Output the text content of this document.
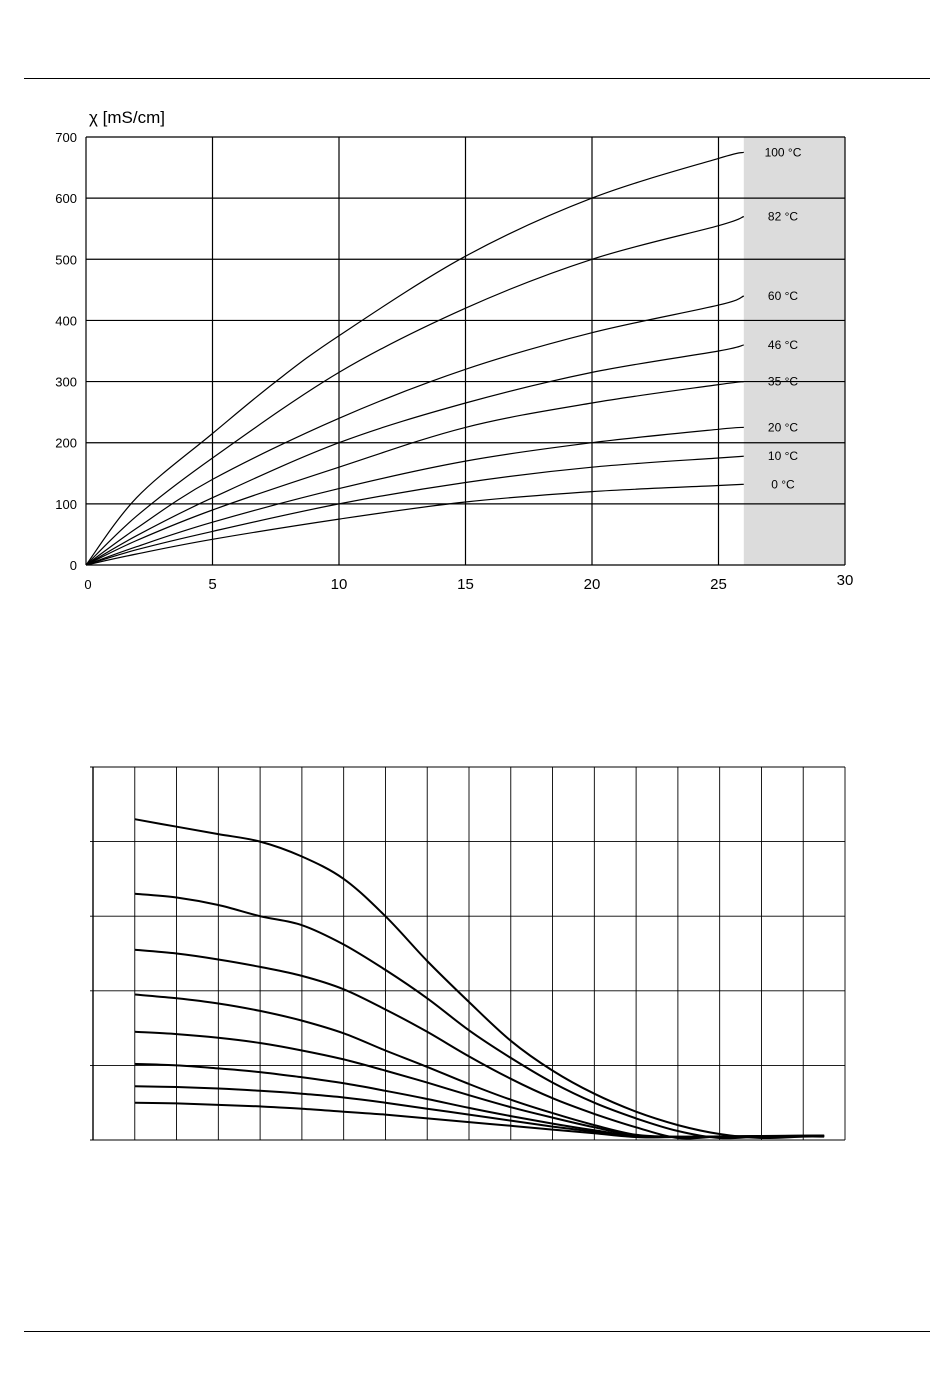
0
100
200
300
400
500
600
700
0	5	10	15	20	25	30
χ [mS/cm]
100 °C
82 °C
60 °C
46 °C
35 °C
20 °C
10 °C
0 °C
